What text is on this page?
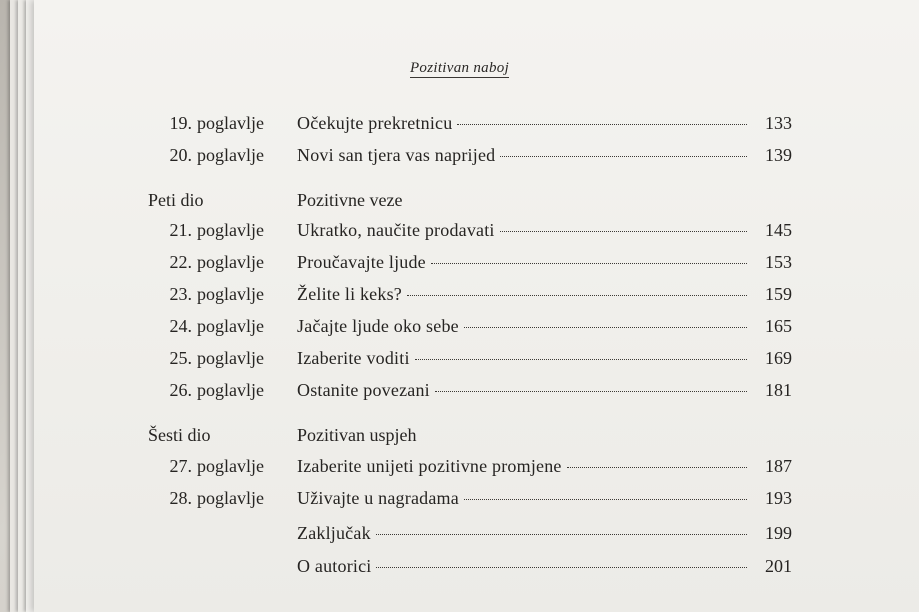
Pozitivan naboj
19. poglavlje Očekujte prekretnicu	133
20. poglavlje Novi san tjera vas naprijed	139
Peti dio	Pozitivne veze
21. poglavlje Ukratko, naučite prodavati	145
22. poglavlje Proučavajte ljude	153
23. poglavlje Želite li keks?	159
24. poglavlje Jačajte ljude oko sebe	165
25. poglavlje Izaberite voditi	169
26. poglavlje Ostanite povezani	181
Šesti dio	Pozitivan uspjeh
27. poglavlje Izaberite unijeti pozitivne promjene	187
28. poglavlje Uživajte u nagradama	193
Zaključak	199
O autorici	201
